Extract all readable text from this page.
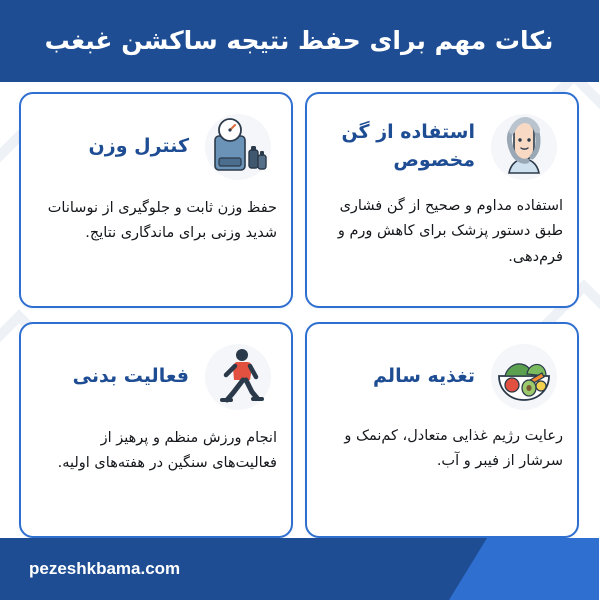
نکات مهم برای حفظ نتیجه ساکشن غبغب
استفاده از گن مخصوص
استفاده مداوم و صحیح از گن فشاری طبق دستور پزشک برای کاهش ورم و فرم‌دهی.
کنترل وزن
حفظ وزن ثابت و جلوگیری از نوسانات شدید وزنی برای ماندگاری نتایج.
تغذیه سالم
رعایت رژیم غذایی متعادل، کم‌نمک و سرشار از فیبر و آب.
فعالیت بدنی
انجام ورزش منظم و پرهیز از فعالیت‌های سنگین در هفته‌های اولیه.
pezeshkbama.com
